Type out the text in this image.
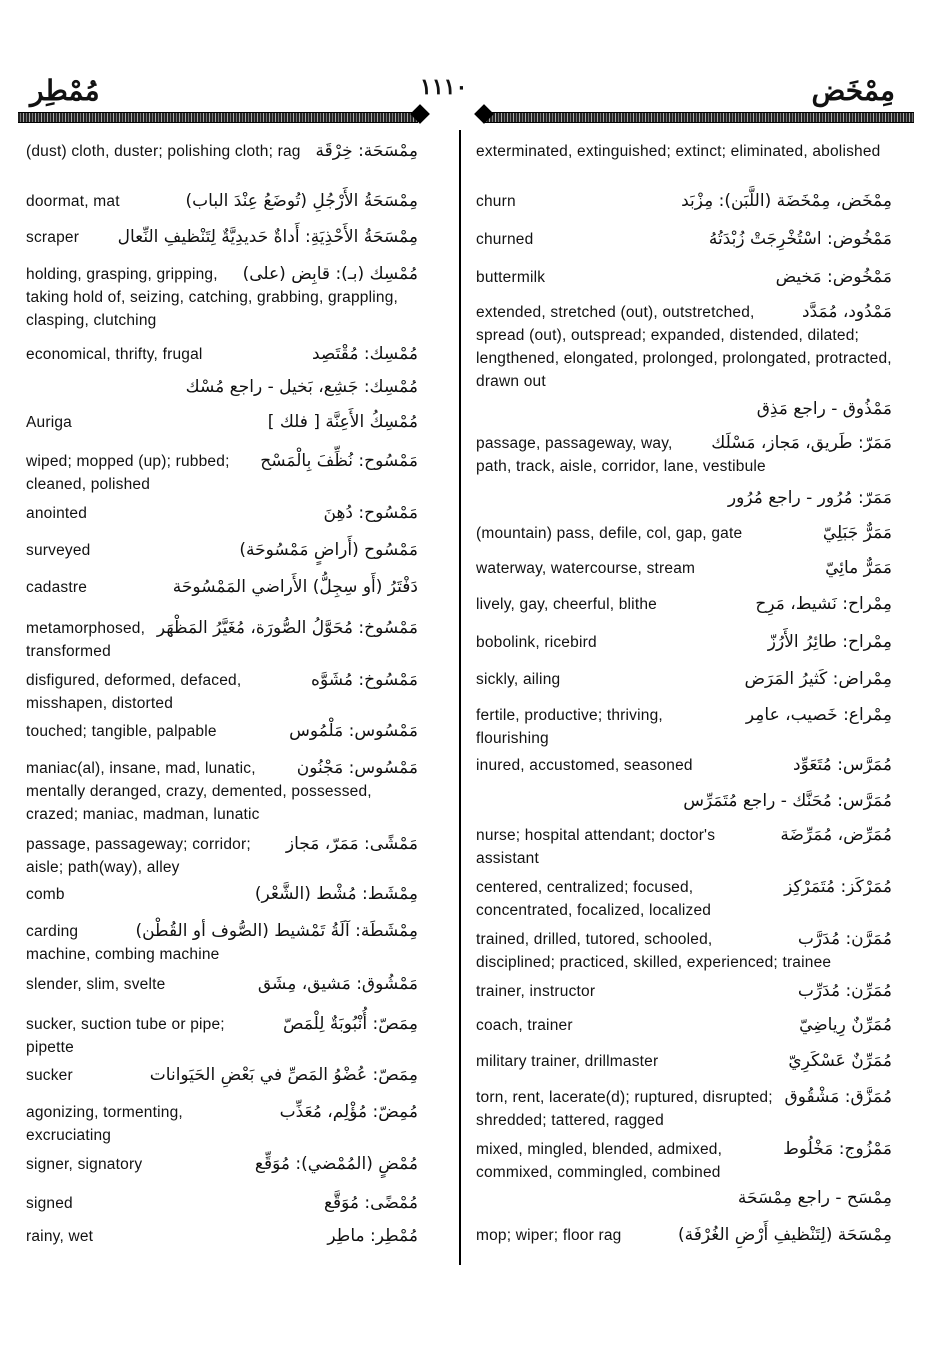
مُمْطِر	١١١٠	مِمْخَض
مِمْسَحَة: خِرْقَة
(dust) cloth, duster; polishing cloth; rag
مِمْسَحَةُ الأَرْجُلِ (تُوضَعُ عِنْدَ الباب)
doormat, mat
مِمْسَحَةُ الأَحْذِيَةِ: أَداةٌ حَديدِيَّةٌ لِتَنْظيفِ النِّعال
scraper
مُمْسِك (بـ): قابِض (على)
holding, grasping, gripping, taking hold of, seizing, catching, grabbing, grappling, clasping, clutching
مُمْسِك: مُقْتَصِد
economical, thrifty, frugal
مُمْسِك: جَشِع، بَخيل - راجع مُسْك
مُمْسِكُ الأَعِنَّة [ فلك ]
Auriga
مَمْسُوح: نُظِّفَ بِالْمَسْح
wiped; mopped (up); rubbed; cleaned, polished
مَمْسُوح: دُهِنَ
anointed
مَمْسُوح (أَراضٍ مَمْسُوحَة)
surveyed
دَفْتَرُ (أَو سِجِلُّ) الأَراضي المَمْسُوحَة
cadastre
مَمْسُوخ: مُحَوَّلُ الصُّورَة، مُغَيَّرُ المَظْهَر
metamorphosed, transformed
مَمْسُوخ: مُشَوَّه
disfigured, deformed, defaced, misshapen, distorted
مَمْسُوس: مَلْمُوس
touched; tangible, palpable
مَمْسُوس: مَجْنُون
maniac(al), insane, mad, lunatic, mentally deranged, crazy, demented, possessed, crazed; maniac, madman, lunatic
مَمْشًى: مَمَرّ، مَجاز
passage, passageway; corridor; aisle; path(way), alley
مِمْشَط: مُشْط (الشَّعْر)
comb
مِمْشَطَة: آلَةُ تَمْشيط (الصُّوف أو القُطْن)
carding machine, combing machine
مَمْشُوق: مَشيق، مِشَق
slender, slim, svelte
مِمَصّ: أُنْبُوبَةٌ لِلْمَصّ
sucker, suction tube or pipe; pipette
مِمَصّ: عُضْوُ المَصِّ في بَعْضِ الحَيَوانات
sucker
مُمِضّ: مُؤْلِم، مُعَذِّب
agonizing, tormenting, excruciating
مُمْضٍ (المُمْضي): مُوَقِّع
signer, signatory
مُمْضًى: مُوَقَّع
signed
مُمْطِر: ماطِر
rainy, wet
exterminated, extinguished; extinct; eliminated, abolished
مِمْخَض، مِمْخَضَة (اللَّبَن): مِزْبَد
churn
مَمْخُوض: اسْتُخْرِجَتْ زُبْدَتُهُ
churned
مَمْخُوض: مَخيض
buttermilk
مَمْدُود، مُمَدَّد
extended, stretched (out), outstretched, spread (out), outspread; expanded, distended, dilated; lengthened, elongated, prolonged, prolongated, protracted, drawn out
مَمْذُوق - راجع مَذِق
مَمَرّ: طَريق، مَجاز، مَسْلَك
passage, passageway, way, path, track, aisle, corridor, lane, vestibule
مَمَرّ: مُرُور - راجع مُرُور
مَمَرٌّ جَبَلِيّ
(mountain) pass, defile, col, gap, gate
مَمَرٌّ مائِيّ
waterway, watercourse, stream
مِمْراح: نَشيط، مَرِح
lively, gay, cheerful, blithe
مِمْراح: طائِرُ الأَرُزّ
bobolink, ricebird
مِمْراض: كَثيرُ المَرَض
sickly, ailing
مِمْراع: خَصيب، عامِر
fertile, productive; thriving, flourishing
مُمَرَّس: مُتَعَوِّد
inured, accustomed, seasoned
مُمَرَّس: مُحَنَّك - راجع مُتَمَرِّس
مُمَرِّض، مُمَرِّضَة
nurse; hospital attendant; doctor's assistant
مُمَرْكَز: مُتَمَرْكِز
centered, centralized; focused, concentrated, focalized, localized
مُمَرَّن: مُدَرَّب
trained, drilled, tutored, schooled, disciplined; practiced, skilled, experienced; trainee
مُمَرِّن: مُدَرِّب
trainer, instructor
مُمَرِّنٌ رِياضِيّ
coach, trainer
مُمَرِّنٌ عَسْكَرِيّ
military trainer, drillmaster
مُمَزَّق: مَشْقُوق
torn, rent, lacerate(d); ruptured, disrupted; shredded; tattered, ragged
مَمْزُوج: مَخْلُوط
mixed, mingled, blended, admixed, commixed, commingled, combined
مِمْسَح - راجع مِمْسَحَة
مِمْسَحَة (لِتَنْظيفِ أَرْضِ الغُرْفَة)
mop; wiper; floor rag
